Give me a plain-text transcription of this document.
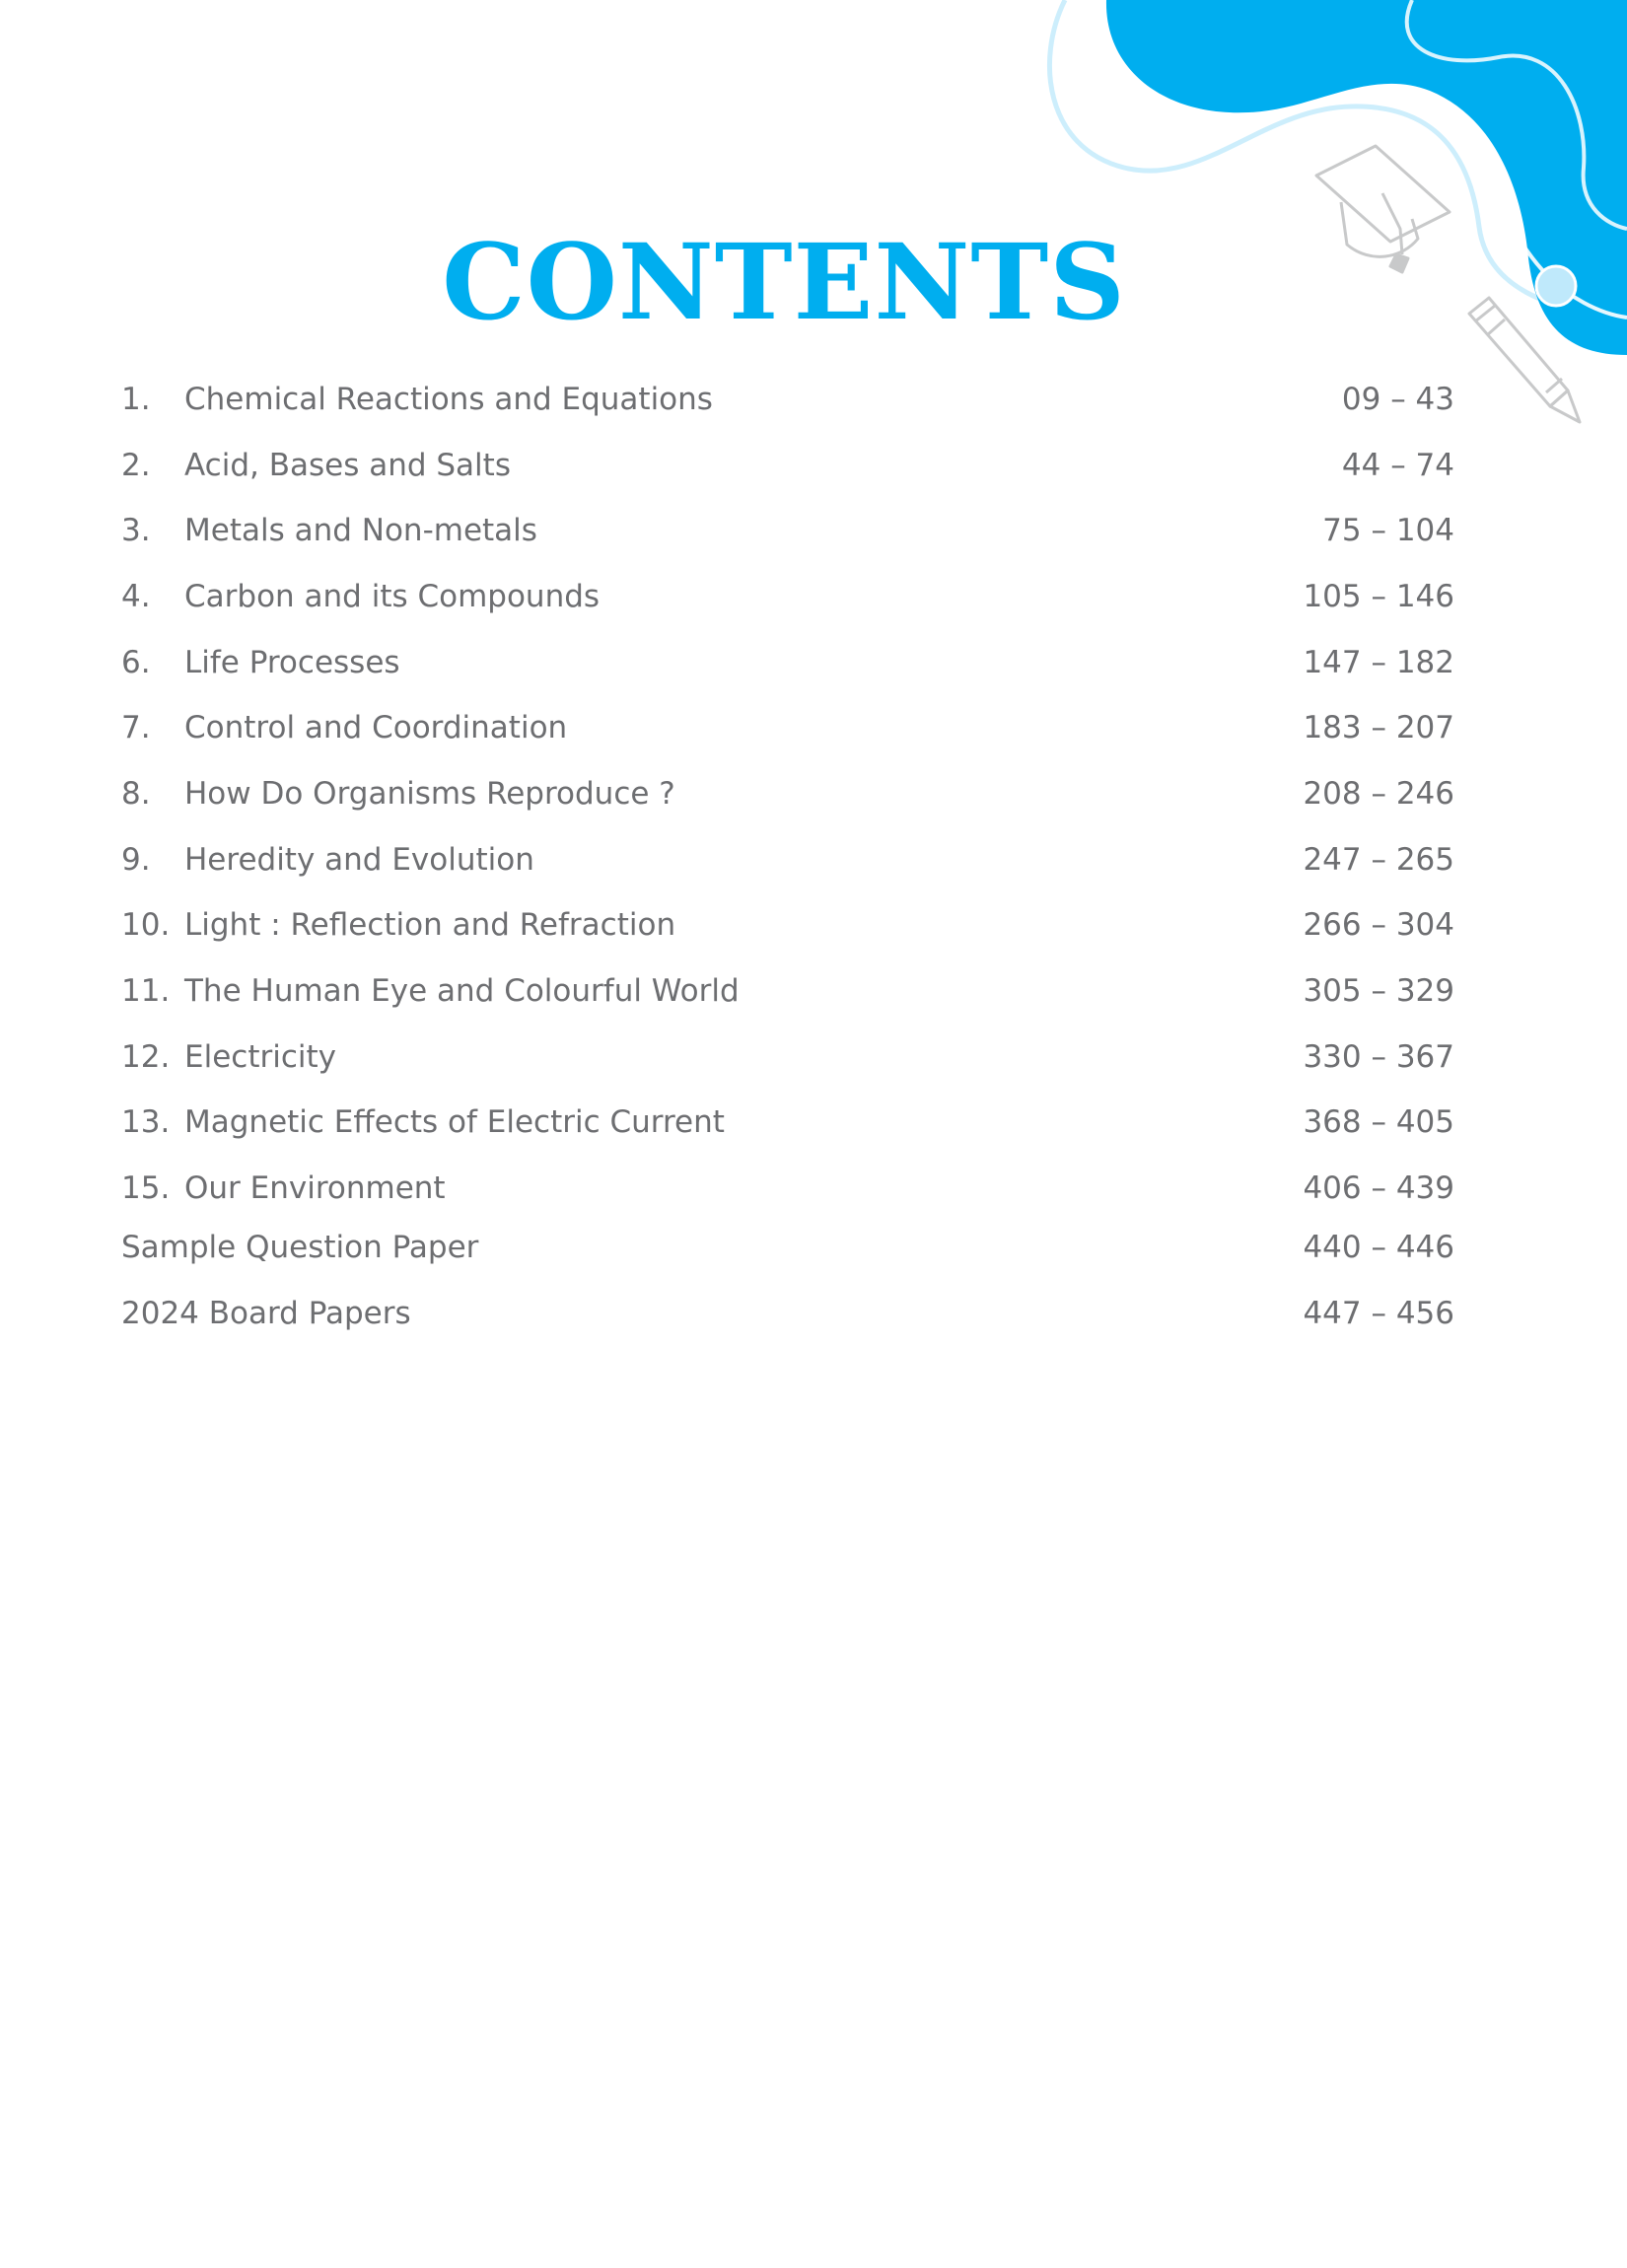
CONTENTS
1.	Chemical Reactions and Equations	09 – 43
2.	Acid, Bases and Salts	44 – 74
3.	Metals and Non-metals	75 – 104
4.	Carbon and its Compounds	105 – 146
6.	Life Processes	147 – 182
7.	Control and Coordination	183 – 207
8.	How Do Organisms Reproduce ?	208 – 246
9.	Heredity and Evolution	247 – 265
10. Light : Reflection and Refraction	266 – 304
11. The Human Eye and Colourful World	305 – 329
12. Electricity	330 – 367
13. Magnetic Effects of Electric Current	368 – 405
15. Our Environment	406 – 439
Sample Question Paper	440 – 446
2024 Board Papers	447 – 456
